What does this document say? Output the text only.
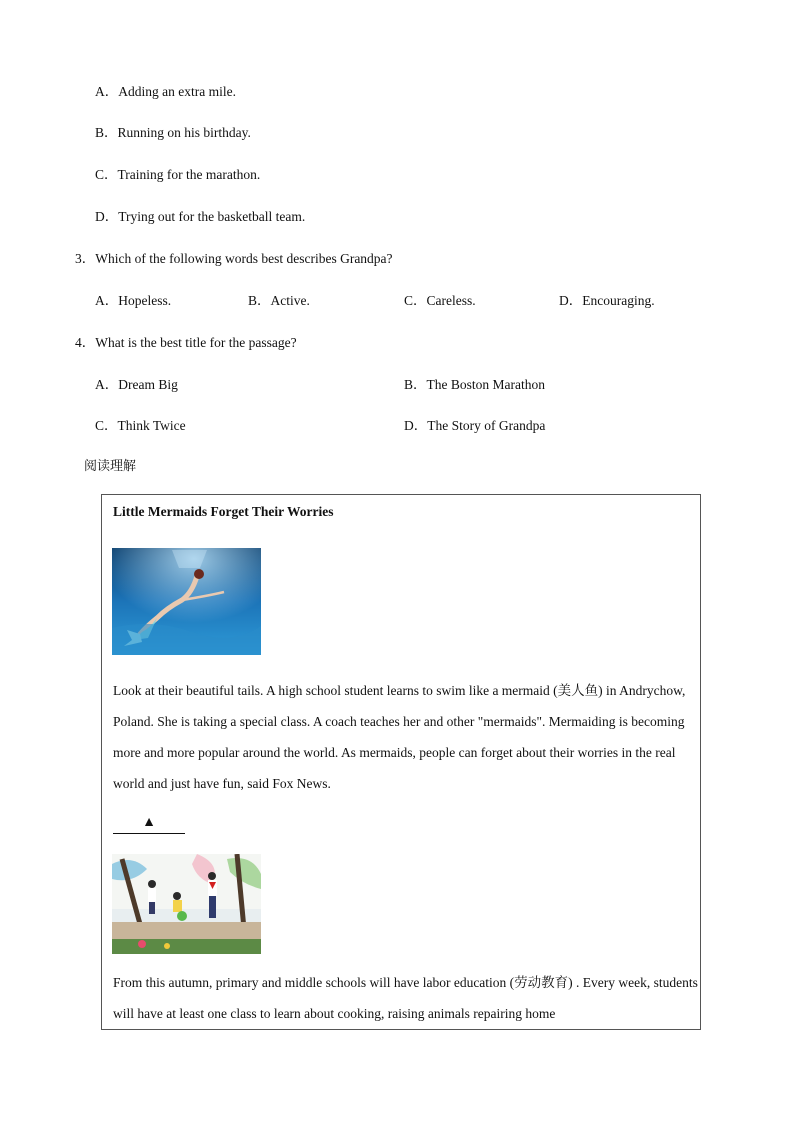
A．Adding an extra mile.
B．Running on his birthday.
C．Training for the marathon.
D．Trying out for the basketball team.
3．Which of the following words best describes Grandpa?
A．Hopeless.	B．Active.	C．Careless.	D．Encouraging.
4．What is the best title for the passage?
A．Dream Big	B．The Boston Marathon
C．Think Twice	D．The Story of Grandpa
阅读理解
Little Mermaids Forget Their Worries
Look at their beautiful tails. A high school student learns to swim like a mermaid (美人鱼) in Andrychow, Poland. She is taking a special class. A coach teaches her and other "mermaids". Mermaiding is becoming more and more popular around the world. As mermaids, people can forget about their worries in the real world and just have fun, said Fox News.
▲
From this autumn, primary and middle schools will have labor education (劳动教育) . Every week, students will have at least one class to learn about cooking, raising animals repairing home
